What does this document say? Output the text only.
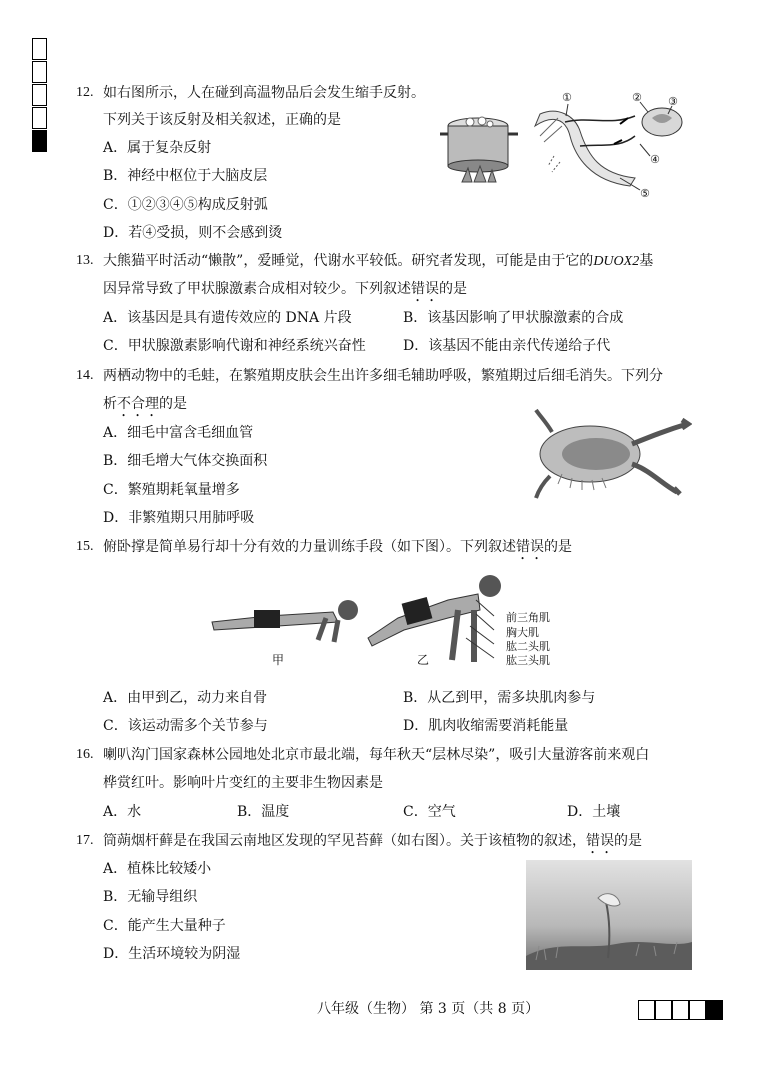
12. 如右图所示，人在碰到高温物品后会发生缩手反射。
下列关于该反射及相关叙述，正确的是
A．属于复杂反射
B．神经中枢位于大脑皮层
C．①②③④⑤构成反射弧
D．若④受损，则不会感到烫
①	② ③
④
⑤
13. 大熊猫平时活动“懒散”，爱睡觉，代谢水平较低。研究者发现，可能是由于它的DUOX2基
因异常导致了甲状腺激素合成相对较少。下列叙述错误的是
A．该基因是具有遗传效应的 DNA 片段	B．该基因影响了甲状腺激素的合成
C．甲状腺激素影响代谢和神经系统兴奋性	D．该基因不能由亲代传递给子代
14. 两栖动物中的毛蛙，在繁殖期皮肤会生出许多细毛辅助呼吸，繁殖期过后细毛消失。下列分
析不合理的是
A．细毛中富含毛细血管
B．细毛增大气体交换面积
C．繁殖期耗氧量增多
D．非繁殖期只用肺呼吸
15. 俯卧撑是简单易行却十分有效的力量训练手段（如下图）。下列叙述错误的是
甲	乙
前三角肌
胸大肌
肱二头肌
肱三头肌
A．由甲到乙，动力来自骨	B．从乙到甲，需多块肌肉参与
C．该运动需多个关节参与	D．肌肉收缩需要消耗能量
16. 喇叭沟门国家森林公园地处北京市最北端，每年秋天“层林尽染”，吸引大量游客前来观白
桦赏红叶。影响叶片变红的主要非生物因素是
A．水	B．温度	C．空气	D．土壤
17. 筒蒴烟杆藓是在我国云南地区发现的罕见苔藓（如右图）。关于该植物的叙述，错误的是
A．植株比较矮小
B．无输导组织
C．能产生大量种子
D．生活环境较为阴湿
八年级（生物） 第 3 页（共 8 页）
